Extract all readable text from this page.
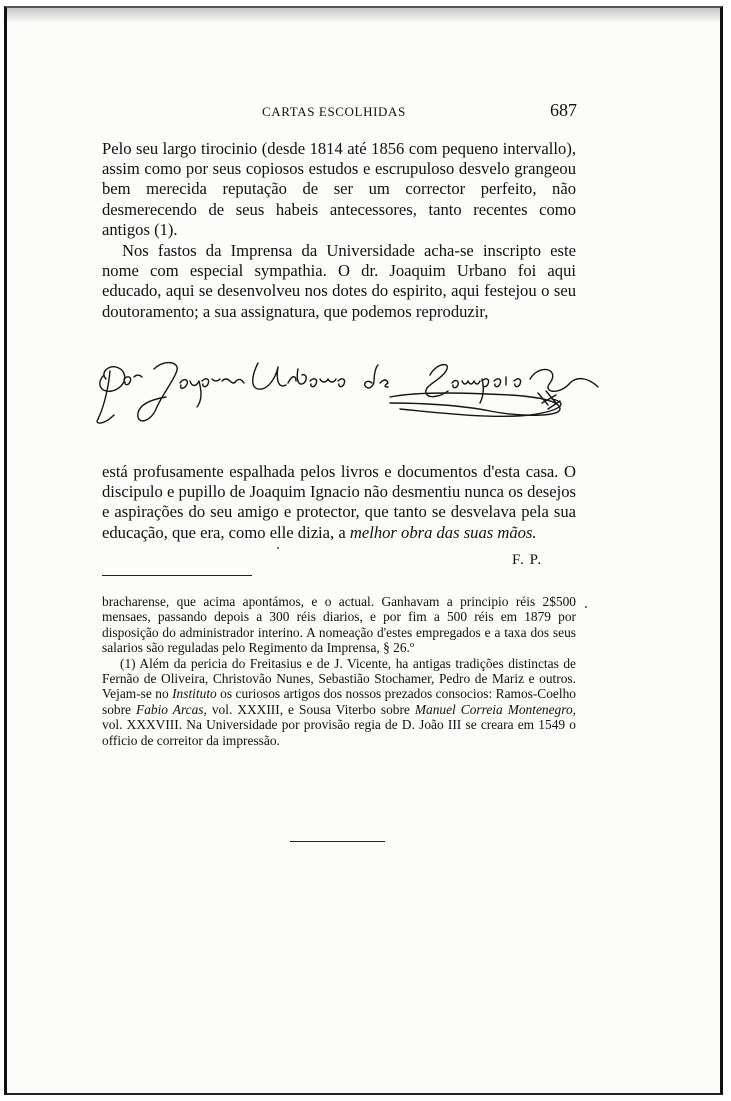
CARTAS ESCOLHIDAS	687

Pelo seu largo tirocinio (desde 1814 até 1856 com pequeno intervallo), assim como por seus copiosos estudos e escrupuloso desvelo grangeou bem merecida reputação de ser um corrector perfeito, não desmerecendo de seus habeis antecessores, tanto recentes como antigos (1).

Nos fastos da Imprensa da Universidade acha-se inscripto este nome com especial sympathia. O dr. Joaquim Urbano foi aqui educado, aqui se desenvolveu nos dotes do espirito, aqui festejou o seu doutoramento; a sua assignatura, que podemos reproduzir,

está profusamente espalhada pelos livros e documentos d'esta casa. O discipulo e pupillo de Joaquim Ignacio não desmentiu nunca os desejos e aspirações do seu amigo e protector, que tanto se desvelava pela sua educação, que era, como elle dizia, a melhor obra das suas mãos.

F. P.

bracharense, que acima apontámos, e o actual. Ganhavam a principio réis 2$500 mensaes, passando depois a 300 réis diarios, e por fim a 500 réis em 1879 por disposição do administrador interino. A nomeação d'estes empregados e a taxa dos seus salarios são reguladas pelo Regimento da Imprensa, § 26.º

(1) Além da pericia do Freitasius e de J. Vicente, ha antigas tradições distinctas de Fernão de Oliveira, Christovão Nunes, Sebastião Stochamer, Pedro de Mariz e outros. Vejam-se no Instituto os curiosos artigos dos nossos prezados consocios: Ramos-Coelho sobre Fabio Arcas, vol. XXXIII, e Sousa Viterbo sobre Manuel Correia Montenegro, vol. XXXVIII. Na Universidade por provisão regia de D. João III se creara em 1549 o officio de correitor da impressão.
